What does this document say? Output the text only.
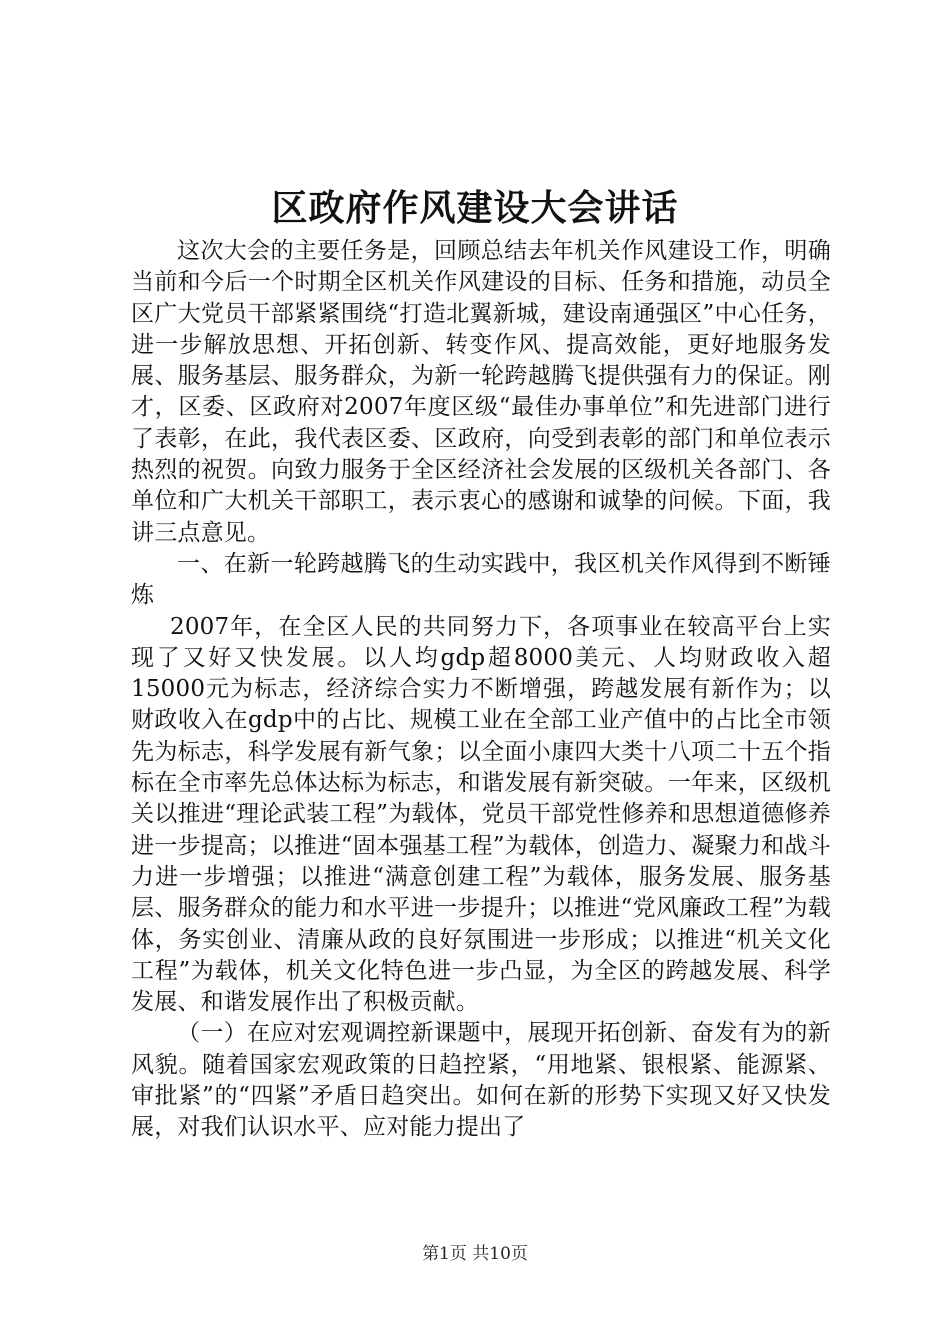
区政府作风建设大会讲话

这次大会的主要任务是，回顾总结去年机关作风建设工作，明确当前和今后一个时期全区机关作风建设的目标、任务和措施，动员全区广大党员干部紧紧围绕“打造北翼新城，建设南通强区”中心任务，进一步解放思想、开拓创新、转变作风、提高效能，更好地服务发展、服务基层、服务群众，为新一轮跨越腾飞提供强有力的保证。刚才，区委、区政府对2007年度区级“最佳办事单位”和先进部门进行了表彰，在此，我代表区委、区政府，向受到表彰的部门和单位表示热烈的祝贺。向致力服务于全区经济社会发展的区级机关各部门、各单位和广大机关干部职工，表示衷心的感谢和诚挚的问候。下面，我讲三点意见。

一、在新一轮跨越腾飞的生动实践中，我区机关作风得到不断锤炼

2007年，在全区人民的共同努力下，各项事业在较高平台上实现了又好又快发展。以人均gdp超8000美元、人均财政收入超15000元为标志，经济综合实力不断增强，跨越发展有新作为；以财政收入在gdp中的占比、规模工业在全部工业产值中的占比全市领先为标志，科学发展有新气象；以全面小康四大类十八项二十五个指标在全市率先总体达标为标志，和谐发展有新突破。一年来，区级机关以推进“理论武装工程”为载体，党员干部党性修养和思想道德修养进一步提高；以推进“固本强基工程”为载体，创造力、凝聚力和战斗力进一步增强；以推进“满意创建工程”为载体，服务发展、服务基层、服务群众的能力和水平进一步提升；以推进“党风廉政工程”为载体，务实创业、清廉从政的良好氛围进一步形成；以推进“机关文化工程”为载体，机关文化特色进一步凸显，为全区的跨越发展、科学发展、和谐发展作出了积极贡献。

（一）在应对宏观调控新课题中，展现开拓创新、奋发有为的新风貌。随着国家宏观政策的日趋控紧，“用地紧、银根紧、能源紧、审批紧”的“四紧”矛盾日趋突出。如何在新的形势下实现又好又快发展，对我们认识水平、应对能力提出了

第1页 共10页
